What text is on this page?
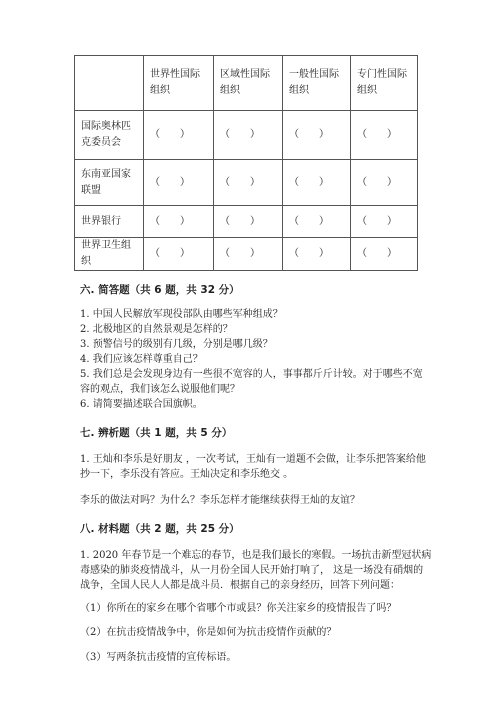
	世界性国际组织	区域性国际组织	一般性国际组织	专门性国际组织
国际奥林匹克委员会	（　　）	（　　）	（　　）	（　　）
东南亚国家联盟	（　　）	（　　）	（　　）	（　　）
世界银行	（　　）	（　　）	（　　）	（　　）
世界卫生组织	（　　）	（　　）	（　　）	（　　）
六. 简答题（共 6 题，共 32 分）
1. 中国人民解放军现役部队由哪些军种组成？
2. 北极地区的自然景观是怎样的？
3. 预警信号的级别有几级，分别是哪几级？
4. 我们应该怎样尊重自己？
5. 我们总是会发现身边有一些很不宽容的人，事事都斤斤计较。对于哪些不宽
容的观点，我们该怎么说服他们呢？
6. 请简要描述联合国旗帜。
七. 辨析题（共 1 题，共 5 分）
1. 王灿和李乐是好朋友 ，一次考试，王灿有一道题不会做，让李乐把答案给他
抄一下，李乐没有答应。王灿决定和李乐绝交 。
李乐的做法对吗？为什么？李乐怎样才能继续获得王灿的友谊？
八. 材料题（共 2 题，共 25 分）
1. 2020 年春节是一个难忘的春节，也是我们最长的寒假。一场抗击新型冠状病
毒感染的肺炎疫情战斗，从一月份全国人民开始打响了， 这是一场没有硝烟的
战争，全国人民人人都是战斗员．根据自己的亲身经历，回答下列问题：
（1）你所在的家乡在哪个省哪个市或县？你关注家乡的疫情报告了吗？
（2）在抗击疫情战争中，你是如何为抗击疫情作贡献的？
（3）写两条抗击疫情的宣传标语。
